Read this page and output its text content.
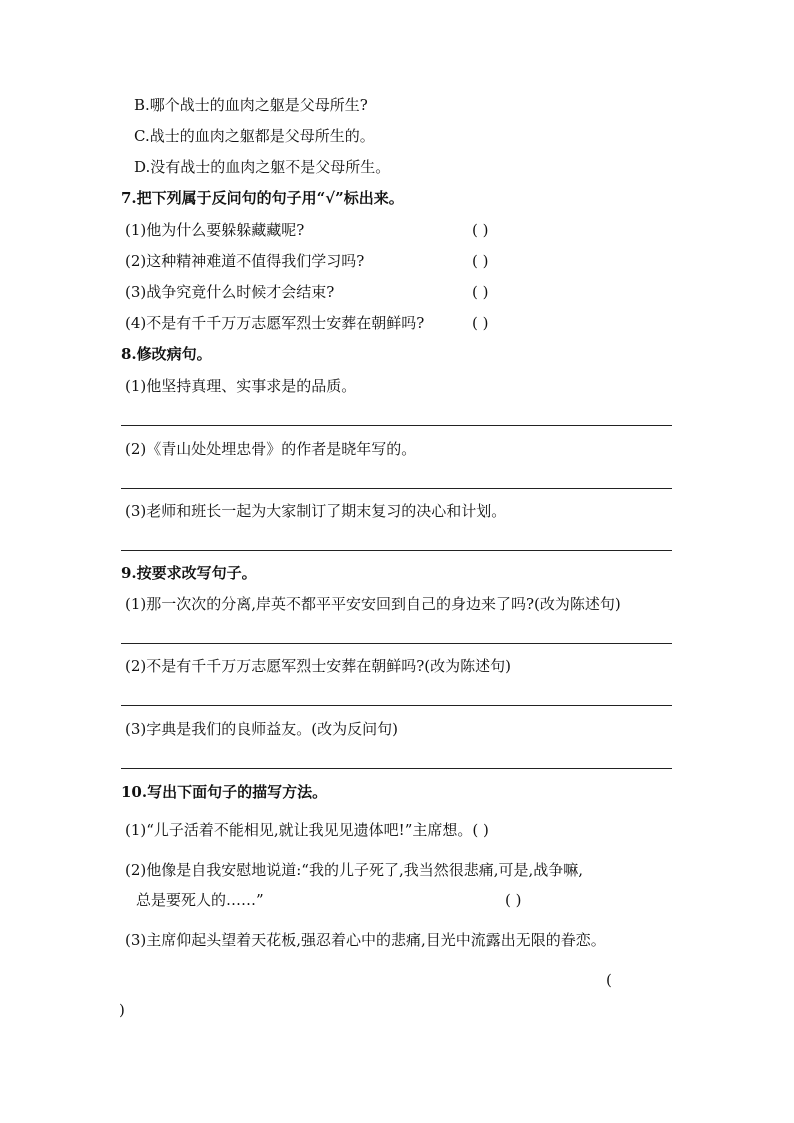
B.哪个战士的血肉之躯是父母所生?
C.战士的血肉之躯都是父母所生的。
D.没有战士的血肉之躯不是父母所生。
7.把下列属于反问句的句子用“√”标出来。
(1)他为什么要躲躲藏藏呢?	( )
(2)这种精神难道不值得我们学习吗?	( )
(3)战争究竟什么时候才会结束?	( )
(4)不是有千千万万志愿军烈士安葬在朝鲜吗?	( )
8.修改病句。
(1)他坚持真理、实事求是的品质。
(2)《青山处处埋忠骨》的作者是晓年写的。
(3)老师和班长一起为大家制订了期末复习的决心和计划。
9.按要求改写句子。
(1)那一次次的分离,岸英不都平平安安回到自己的身边来了吗?(改为陈述句)
(2)不是有千千万万志愿军烈士安葬在朝鲜吗?(改为陈述句)
(3)字典是我们的良师益友。(改为反问句)
10.写出下面句子的描写方法。
(1)“儿子活着不能相见,就让我见见遗体吧!”主席想。( )
(2)他像是自我安慰地说道:“我的儿子死了,我当然很悲痛,可是,战争嘛,
总是要死人的……”	( )
(3)主席仰起头望着天花板,强忍着心中的悲痛,目光中流露出无限的眷恋。
(
)
